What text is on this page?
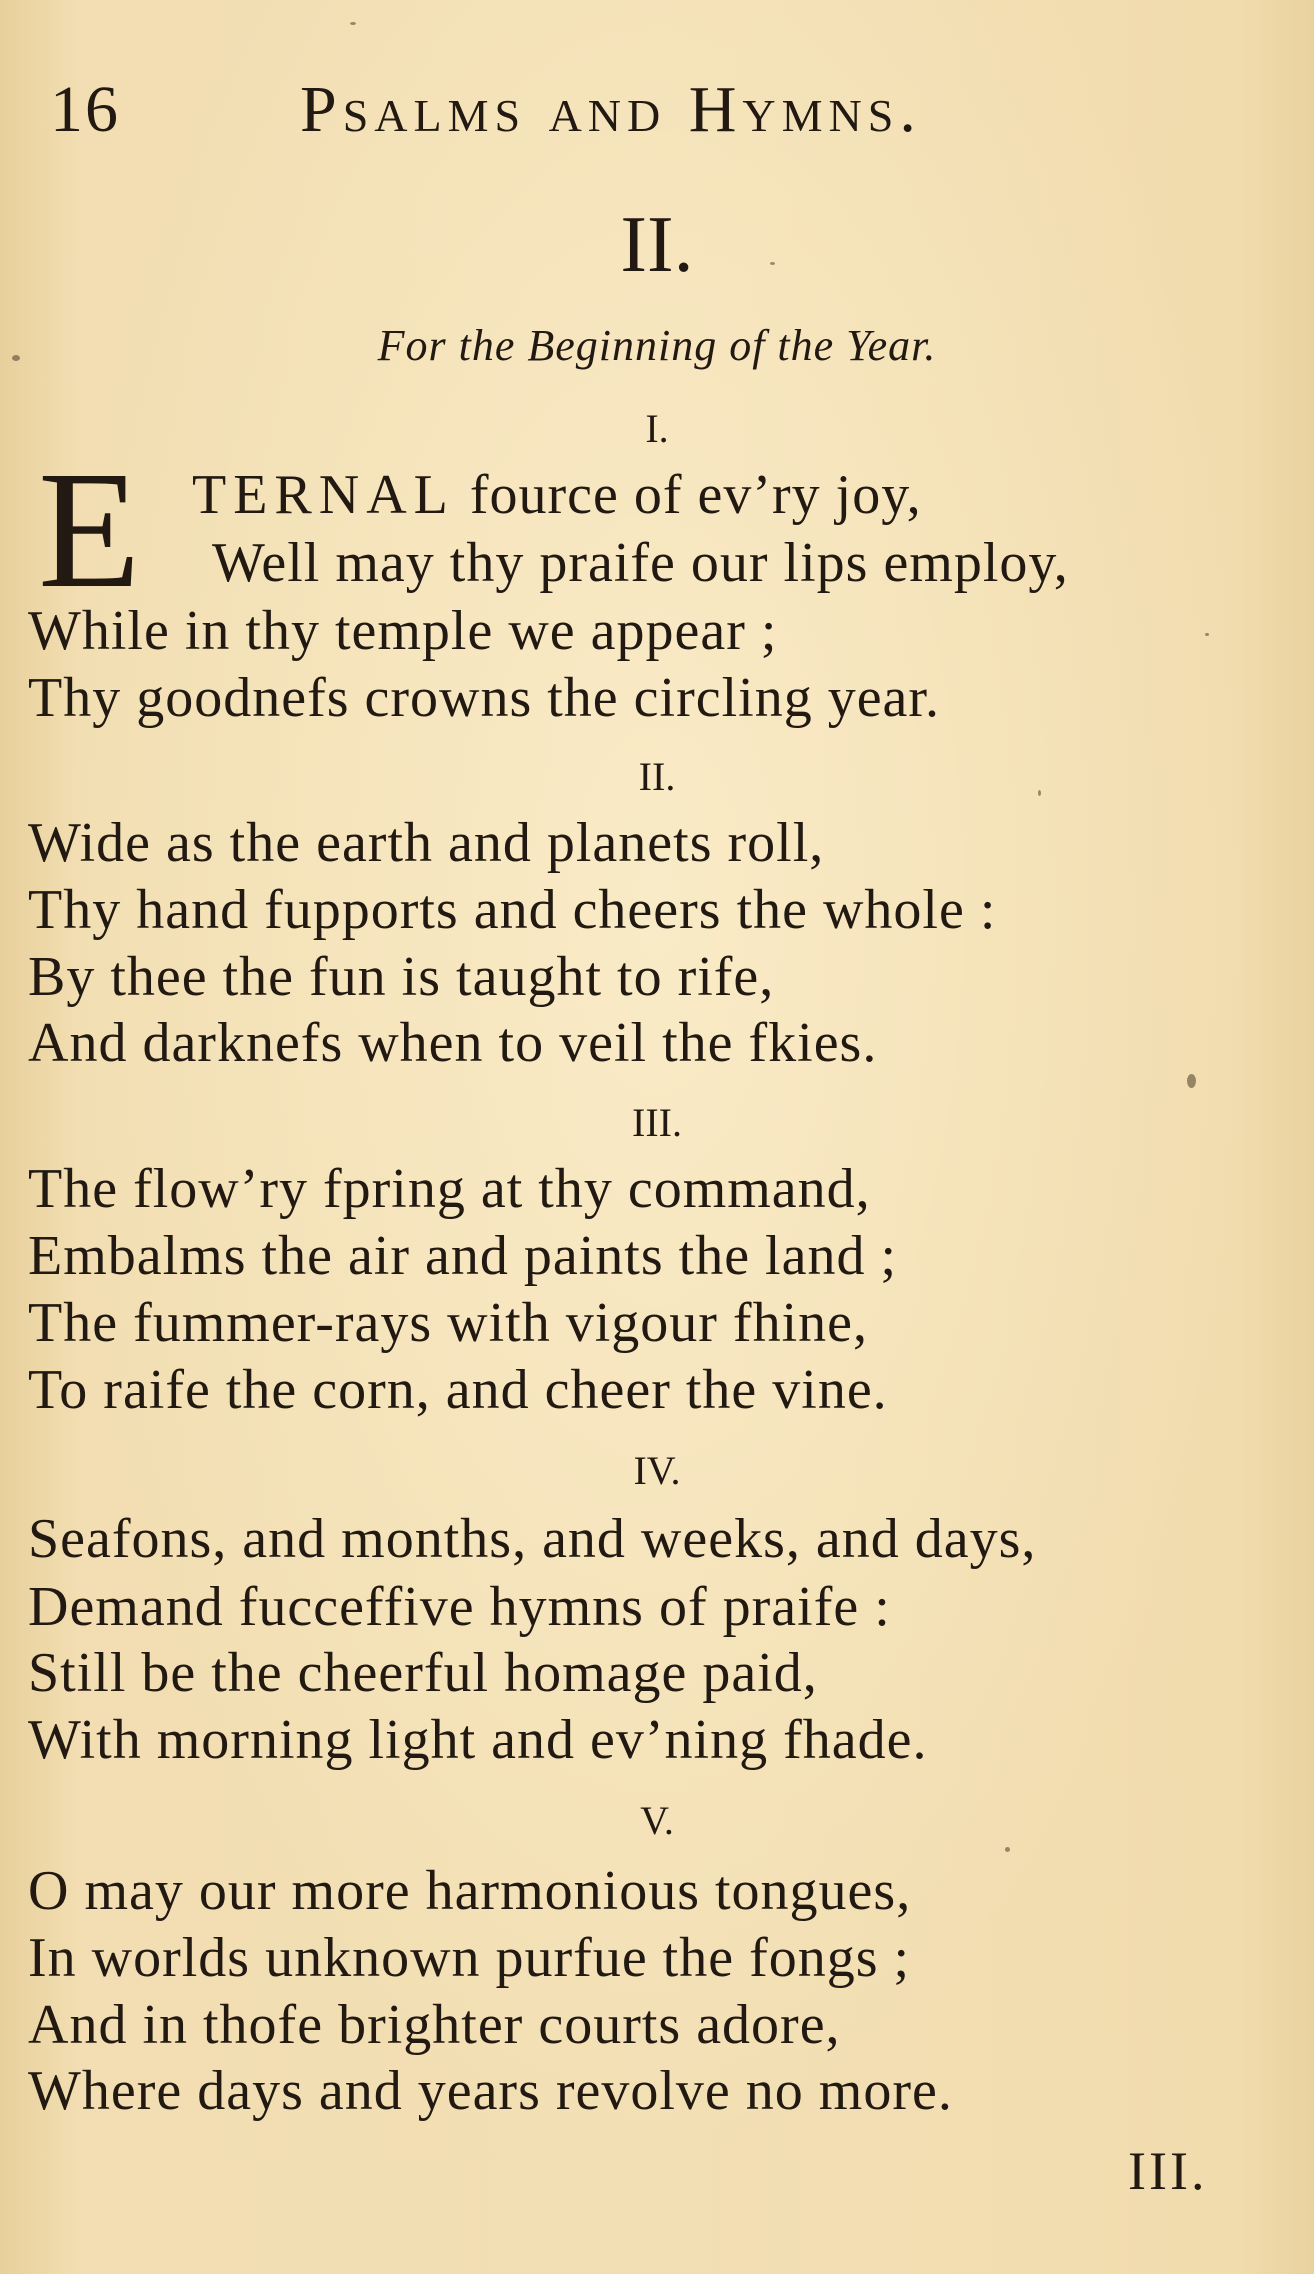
16	Psalms and Hymns.
II.
For the Beginning of the Year.
I.
E TERNAL fource of ev’ry joy,
Well may thy praife our lips employ,
While in thy temple we appear ;
Thy goodnefs crowns the circling year.
II.
Wide as the earth and planets roll,
Thy hand fupports and cheers the whole :
By thee the fun is taught to rife,
And darknefs when to veil the fkies.
III.
The flow’ry fpring at thy command,
Embalms the air and paints the land ;
The fummer-rays with vigour fhine,
To raife the corn, and cheer the vine.
IV.
Seafons, and months, and weeks, and days,
Demand fucceffive hymns of praife :
Still be the cheerful homage paid,
With morning light and ev’ning fhade.
V.
O may our more harmonious tongues,
In worlds unknown purfue the fongs ;
And in thofe brighter courts adore,
Where days and years revolve no more.
III.
